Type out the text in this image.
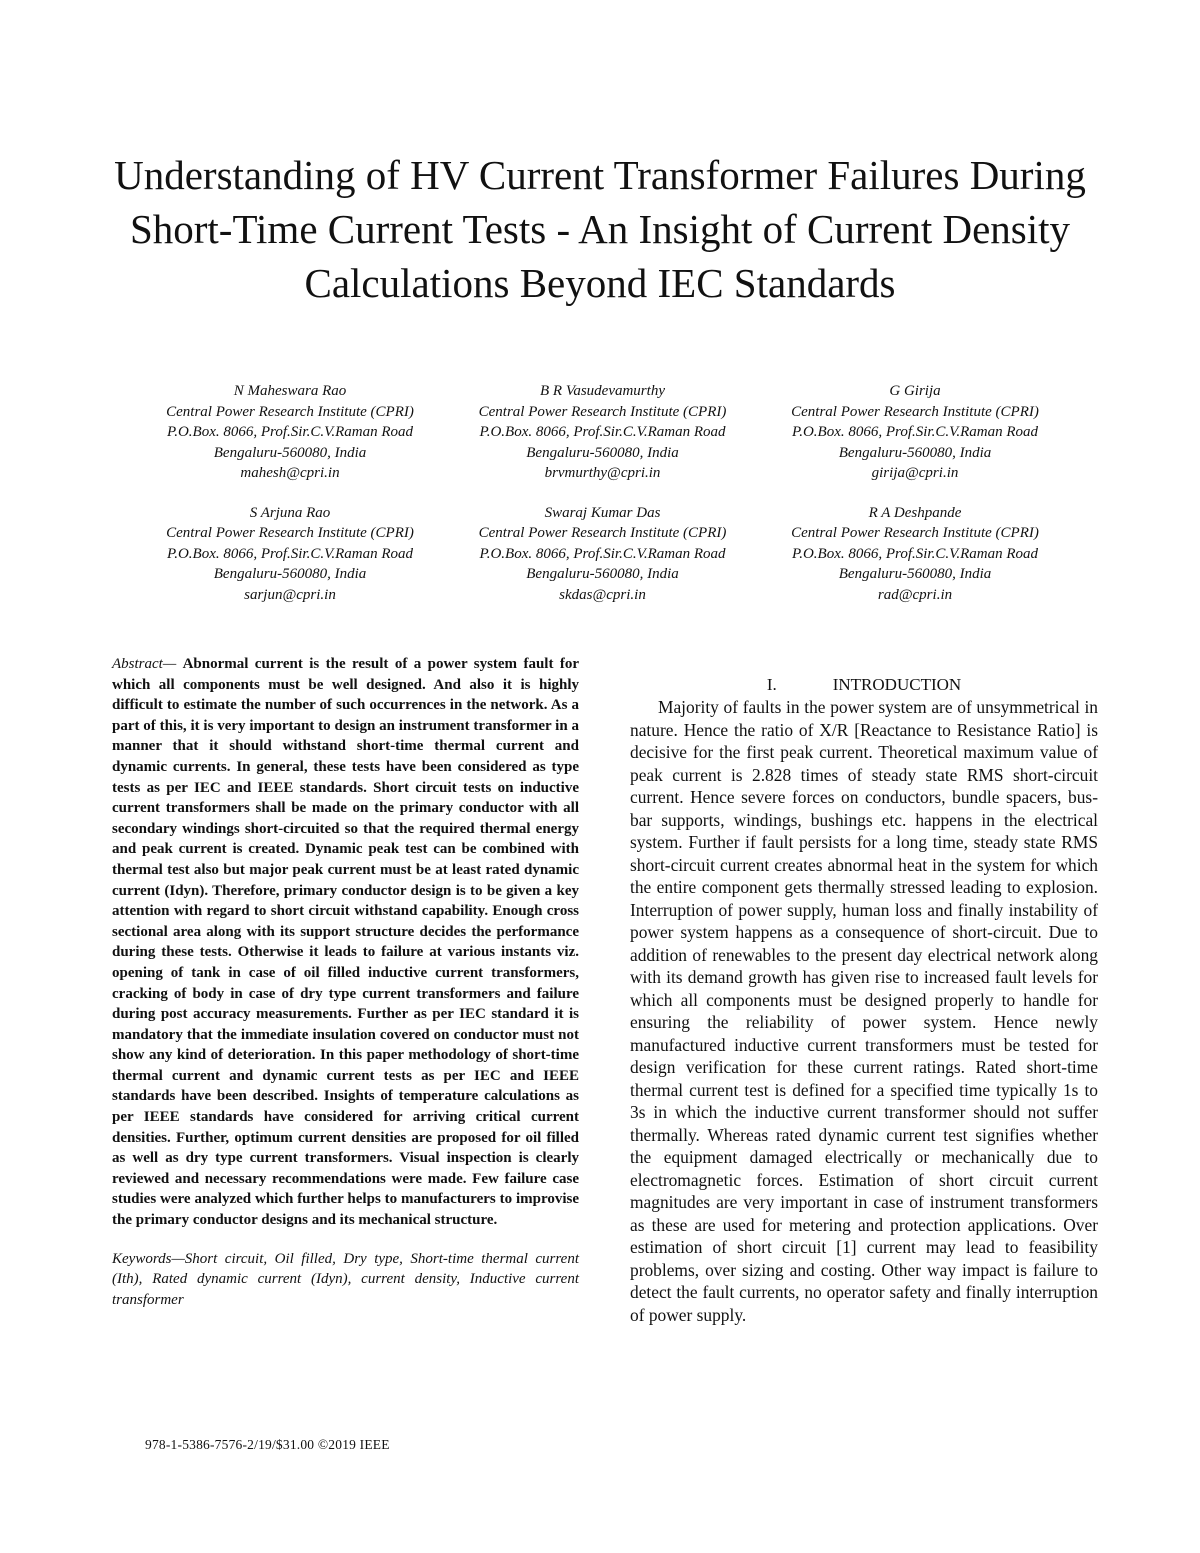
Understanding of HV Current Transformer Failures During Short-Time Current Tests - An Insight of Current Density Calculations Beyond IEC Standards
N Maheswara Rao
Central Power Research Institute (CPRI)
P.O.Box. 8066, Prof.Sir.C.V.Raman Road
Bengaluru-560080, India
mahesh@cpri.in
B R Vasudevamurthy
Central Power Research Institute (CPRI)
P.O.Box. 8066, Prof.Sir.C.V.Raman Road
Bengaluru-560080, India
brvmurthy@cpri.in
G Girija
Central Power Research Institute (CPRI)
P.O.Box. 8066, Prof.Sir.C.V.Raman Road
Bengaluru-560080, India
girija@cpri.in
S Arjuna Rao
Central Power Research Institute (CPRI)
P.O.Box. 8066, Prof.Sir.C.V.Raman Road
Bengaluru-560080, India
sarjun@cpri.in
Swaraj Kumar Das
Central Power Research Institute (CPRI)
P.O.Box. 8066, Prof.Sir.C.V.Raman Road
Bengaluru-560080, India
skdas@cpri.in
R A Deshpande
Central Power Research Institute (CPRI)
P.O.Box. 8066, Prof.Sir.C.V.Raman Road
Bengaluru-560080, India
rad@cpri.in

Abstract— Abnormal current is the result of a power system fault for which all components must be well designed. And also it is highly difficult to estimate the number of such occurrences in the network. As a part of this, it is very important to design an instrument transformer in a manner that it should withstand short-time thermal current and dynamic currents. In general, these tests have been considered as type tests as per IEC and IEEE standards. Short circuit tests on inductive current transformers shall be made on the primary conductor with all secondary windings short-circuited so that the required thermal energy and peak current is created. Dynamic peak test can be combined with thermal test also but major peak current must be at least rated dynamic current (Idyn). Therefore, primary conductor design is to be given a key attention with regard to short circuit withstand capability. Enough cross sectional area along with its support structure decides the performance during these tests. Otherwise it leads to failure at various instants viz. opening of tank in case of oil filled inductive current transformers, cracking of body in case of dry type current transformers and failure during post accuracy measurements. Further as per IEC standard it is mandatory that the immediate insulation covered on conductor must not show any kind of deterioration. In this paper methodology of short-time thermal current and dynamic current tests as per IEC and IEEE standards have been described. Insights of temperature calculations as per IEEE standards have considered for arriving critical current densities. Further, optimum current densities are proposed for oil filled as well as dry type current transformers. Visual inspection is clearly reviewed and necessary recommendations were made. Few failure case studies were analyzed which further helps to manufacturers to improvise the primary conductor designs and its mechanical structure.

Keywords—Short circuit, Oil filled, Dry type, Short-time thermal current (Ith), Rated dynamic current (Idyn), current density, Inductive current transformer

978-1-5386-7576-2/19/$31.00 ©2019 IEEE
I.	INTRODUCTION

Majority of faults in the power system are of unsymmetrical in nature. Hence the ratio of X/R [Reactance to Resistance Ratio] is decisive for the first peak current. Theoretical maximum value of peak current is 2.828 times of steady state RMS short-circuit current. Hence severe forces on conductors, bundle spacers, bus-bar supports, windings, bushings etc. happens in the electrical system. Further if fault persists for a long time, steady state RMS short-circuit current creates abnormal heat in the system for which the entire component gets thermally stressed leading to explosion. Interruption of power supply, human loss and finally instability of power system happens as a consequence of short-circuit. Due to addition of renewables to the present day electrical network along with its demand growth has given rise to increased fault levels for which all components must be designed properly to handle for ensuring the reliability of power system. Hence newly manufactured inductive current transformers must be tested for design verification for these current ratings. Rated short-time thermal current test is defined for a specified time typically 1s to 3s in which the inductive current transformer should not suffer thermally. Whereas rated dynamic current test signifies whether the equipment damaged electrically or mechanically due to electromagnetic forces. Estimation of short circuit current magnitudes are very important in case of instrument transformers as these are used for metering and protection applications. Over estimation of short circuit [1] current may lead to feasibility problems, over sizing and costing. Other way impact is failure to detect the fault currents, no operator safety and finally interruption of power supply.
